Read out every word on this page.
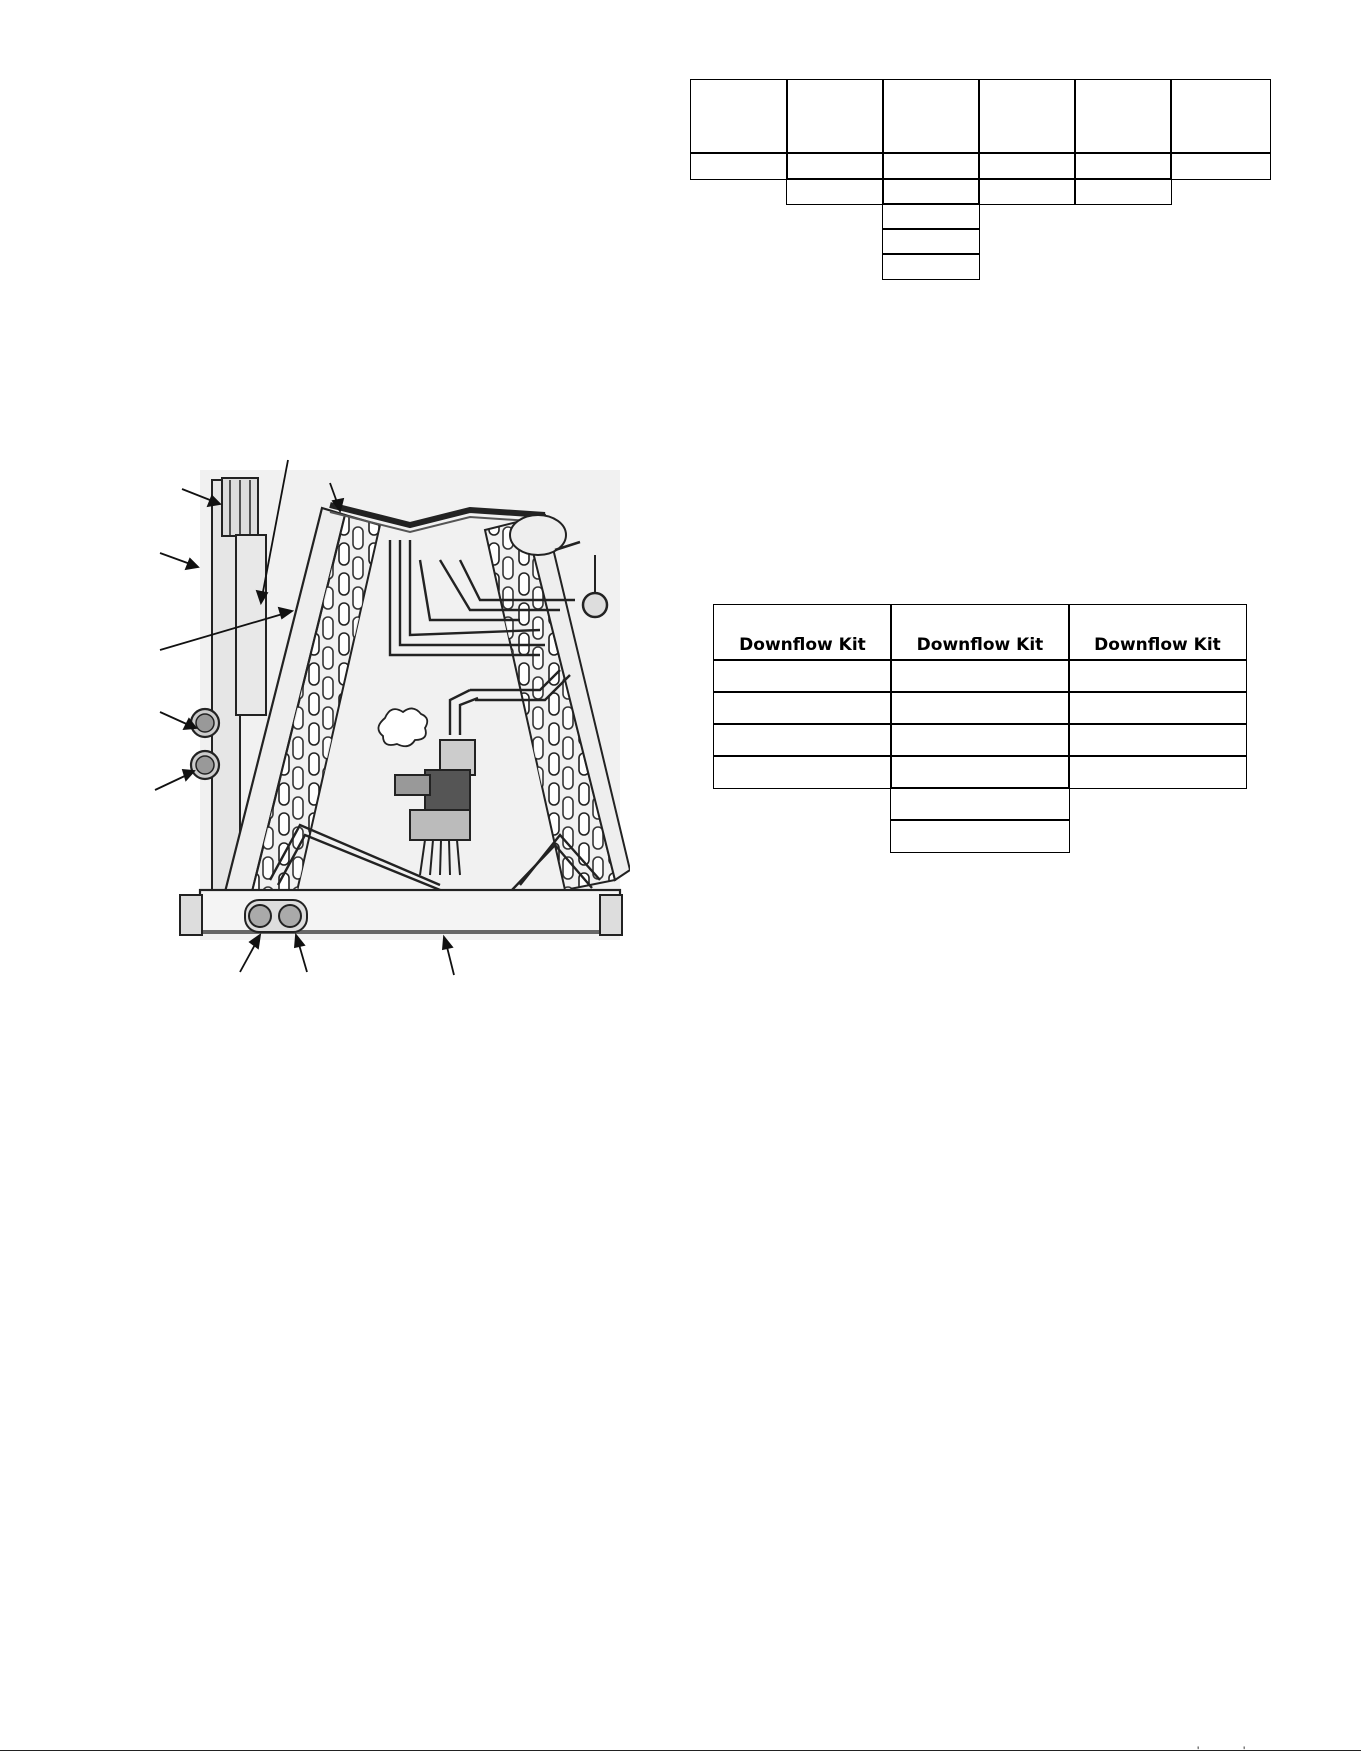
Downflow Kit	Downflow Kit	Downflow Kit
'	'
